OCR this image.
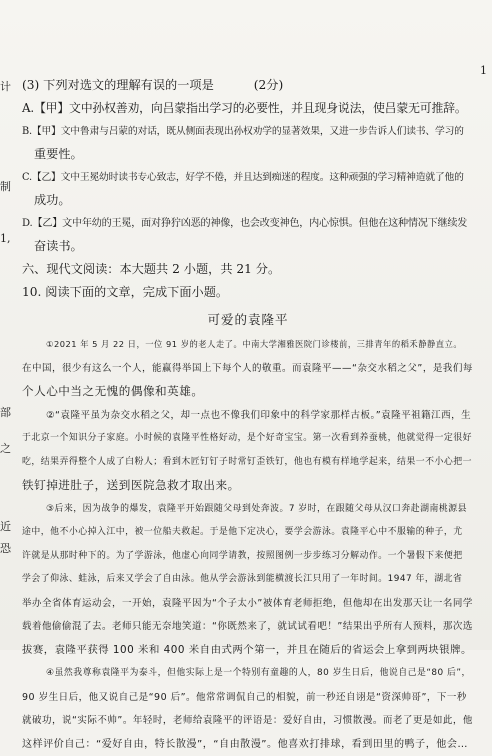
计
制
1,
部
之
近
恐
1
(3) 下列对选文的理解有误的一项是	(2分)
A.【甲】文中孙权善劝，向吕蒙指出学习的必要性，并且现身说法，使吕蒙无可推辞。
B.【甲】文中鲁肃与吕蒙的对话，既从侧面表现出孙权劝学的显著效果，又进一步告诉人们读书、学习的
重要性。
C.【乙】文中王冕幼时读书专心致志，好学不倦，并且达到痴迷的程度。这种顽强的学习精神造就了他的
成功。
D.【乙】文中年幼的王冕，面对狰狞凶恶的神像，也会改变神色，内心惊惧。但他在这种情况下继续发
奋读书。
六、现代文阅读：本大题共 2 小题，共 21 分。
10. 阅读下面的文章，完成下面小题。
可爱的袁隆平
①2021 年 5 月 22 日，一位 91 岁的老人走了。中南大学湘雅医院门诊楼前，三排青年的稻禾静静直立。
在中国，很少有这么一个人，能赢得举国上下每个人的敬重。而袁隆平——“杂交水稻之父”，是我们每
个人心中当之无愧的偶像和英雄。
②“袁隆平虽为杂交水稻之父，却一点也不像我们印象中的科学家那样古板。”袁隆平祖籍江西，生
于北京一个知识分子家庭。小时候的袁隆平性格好动，是个好奇宝宝。第一次看到养蚕桃，他就觉得一定很好
吃，结果弄得整个人成了白粉人；看到木匠钉钉子时常钉歪铁钉，他也有模有样地学起来，结果一不小心把一
铁钉掉进肚子，送到医院急救才取出来。
③后来，因为战争的爆发，袁隆平开始跟随父母到处奔波。7 岁时，在跟随父母从汉口奔赴湖南桃源县
途中，他不小心掉入江中，被一位船夫救起。于是他下定决心，要学会游泳。袁隆平心中不服输的种子，尤
许就是从那时种下的。为了学游泳，他虚心向同学请教，按照图例一步步练习分解动作。一个暑假下来便把
学会了仰泳、蛙泳，后来又学会了自由泳。他从学会游泳到能横渡长江只用了一年时间。1947 年，湖北省
举办全省体育运动会，一开始，袁隆平因为“个子太小”被体育老师拒绝，但他却在出发那天让一名同学
载着他偷偷混了去。老师只能无奈地笑道：“你既然来了，就试试看吧！”结果出乎所有人预料，那次选
拔赛，袁隆平获得 100 米和 400 米自由式两个第一，并且在随后的省运会上拿到两块银牌。
④虽然我尊称袁隆平为泰斗，但他实际上是一个特别有童趣的人，80 岁生日后，他说自己是“80 后”，
90 岁生日后，他又说自己是“90 后”。他常常调侃自己的相貌，前一秒还自诩是“资深帅哥”，下一秒
就破功，说“实际不帅”。年轻时，老师给袁隆平的评语是：爱好自由，习惯散漫。而老了更是如此，他
这样评价自己：“爱好自由，特长散漫”，“自由散漫”。他喜欢打排球，看到田里的鸭子，他会…
